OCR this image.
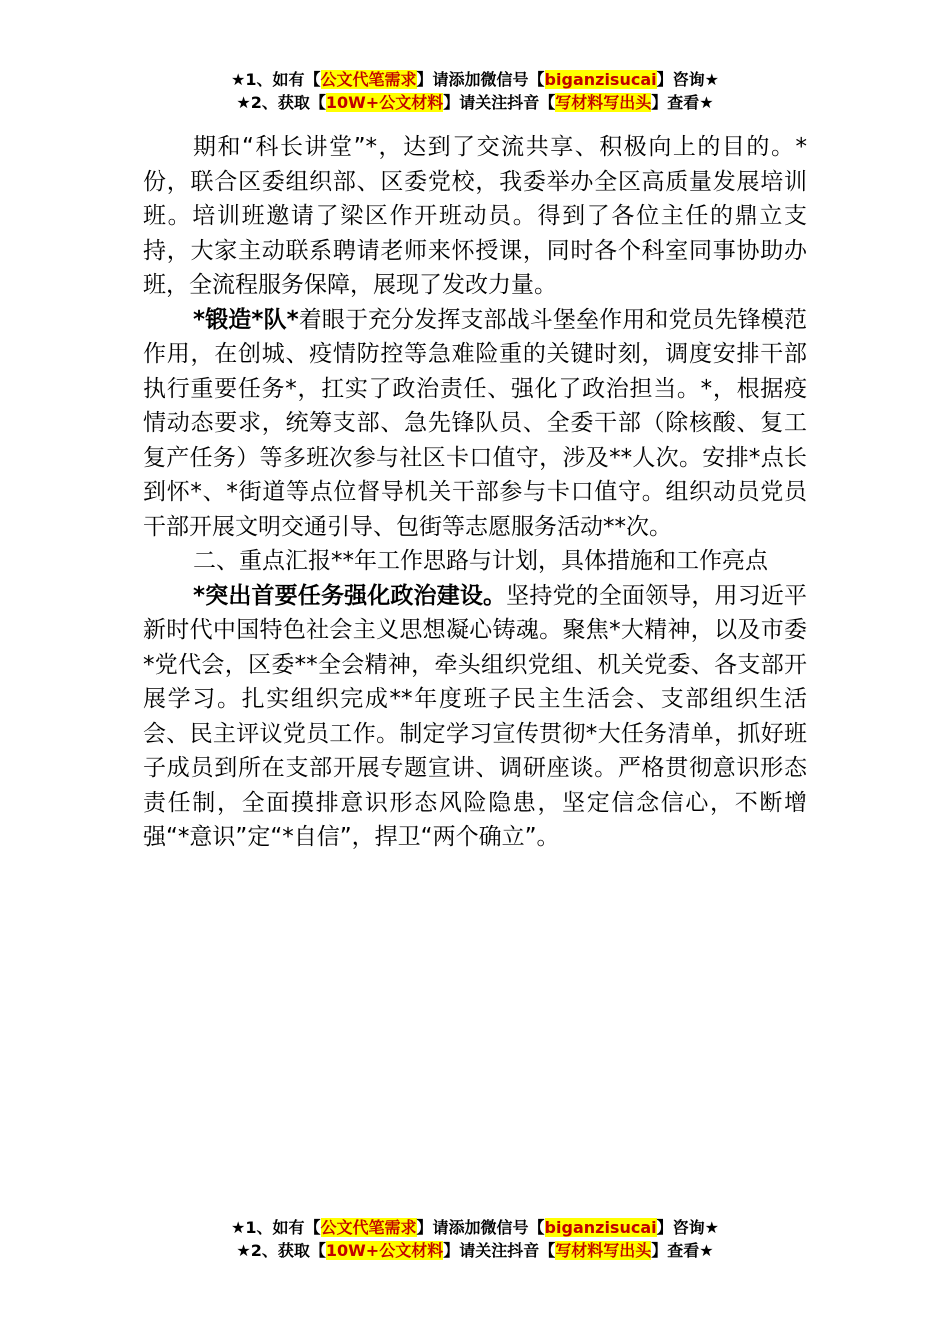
★1、如有【公文代笔需求】请添加微信号【biganzisucai】咨询★
★2、获取【10W+公文材料】请关注抖音【写材料写出头】查看★

期和“科长讲堂”*，达到了交流共享、积极向上的目的。*份，联合区委组织部、区委党校，我委举办全区高质量发展培训班。培训班邀请了梁区作开班动员。得到了各位主任的鼎立支持，大家主动联系聘请老师来怀授课，同时各个科室同事协助办班，全流程服务保障，展现了发改力量。

*锻造*队*着眼于充分发挥支部战斗堡垒作用和党员先锋模范作用，在创城、疫情防控等急难险重的关键时刻，调度安排干部执行重要任务*，扛实了政治责任、强化了政治担当。*，根据疫情动态要求，统筹支部、急先锋队员、全委干部（除核酸、复工复产任务）等多班次参与社区卡口值守，涉及**人次。安排*点长到怀*、*街道等点位督导机关干部参与卡口值守。组织动员党员干部开展文明交通引导、包街等志愿服务活动**次。

二、重点汇报**年工作思路与计划，具体措施和工作亮点

*突出首要任务强化政治建设。坚持党的全面领导，用习近平新时代中国特色社会主义思想凝心铸魂。聚焦*大精神，以及市委*党代会，区委**全会精神，牵头组织党组、机关党委、各支部开展学习。扎实组织完成**年度班子民主生活会、支部组织生活会、民主评议党员工作。制定学习宣传贯彻*大任务清单，抓好班子成员到所在支部开展专题宣讲、调研座谈。严格贯彻意识形态责任制，全面摸排意识形态风险隐患，坚定信念信心，不断增强“*意识”定“*自信”，捍卫“两个确立”。

★1、如有【公文代笔需求】请添加微信号【biganzisucai】咨询★
★2、获取【10W+公文材料】请关注抖音【写材料写出头】查看★
